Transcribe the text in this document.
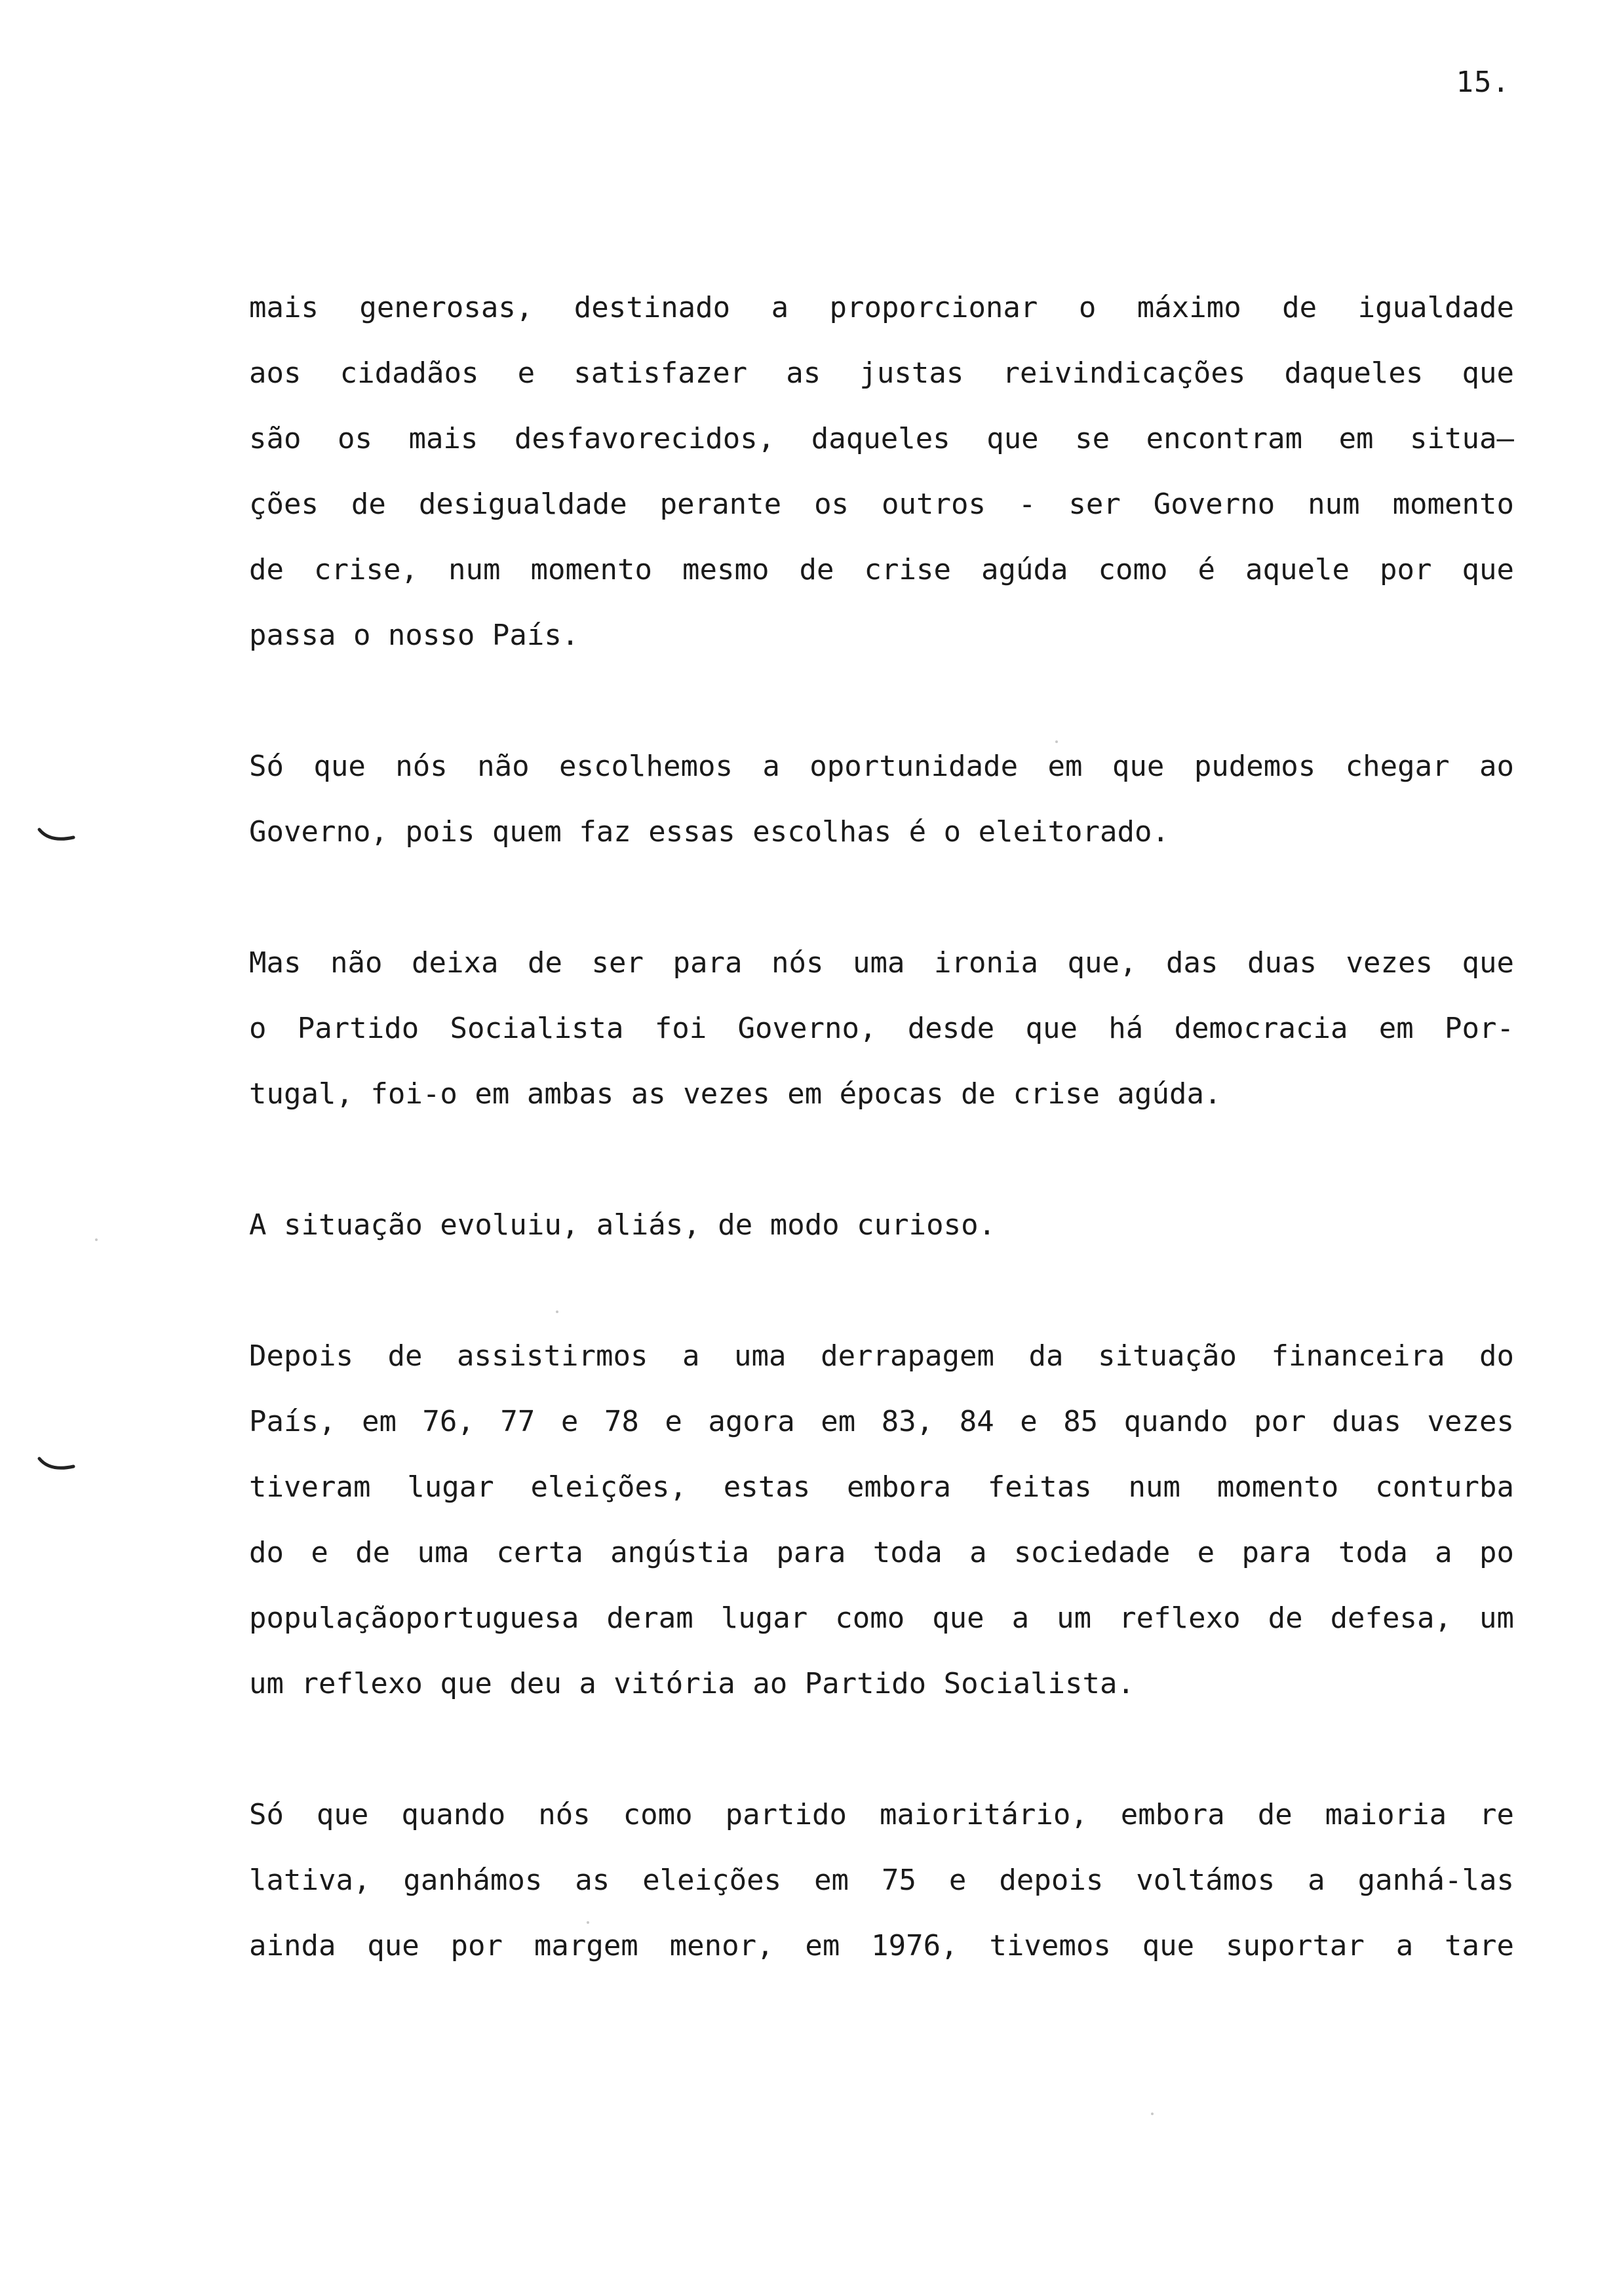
15.
mais generosas, destinado a proporcionar o máximo de igualdade
aos cidadãos e satisfazer as justas reivindicações daqueles que
são os mais desfavorecidos, daqueles que se encontram em situa—
ções de desigualdade perante os outros - ser Governo num momento
de crise, num momento mesmo de crise agúda como é aquele por que
passa o nosso País.
Só que nós não escolhemos a oportunidade em que pudemos chegar ao
Governo, pois quem faz essas escolhas é o eleitorado.
Mas não deixa de ser para nós uma ironia que, das duas vezes que
o Partido Socialista foi Governo, desde que há democracia em Por-
tugal, foi-o em ambas as vezes em épocas de crise agúda.
A situação evoluiu, aliás, de modo curioso.
Depois de assistirmos a uma derrapagem da situação financeira do
País, em 76, 77 e 78 e agora em 83, 84 e 85 quando por duas vezes
tiveram lugar eleições, estas embora feitas num momento conturba
do e de uma certa angústia para toda a sociedade e para toda a po
populaçãoportuguesa deram lugar como que a um reflexo de defesa, um
um reflexo que deu a vitória ao Partido Socialista.
Só que quando nós como partido maioritário, embora de maioria re
lativa, ganhámos as eleições em 75 e depois voltámos a ganhá-las
ainda que por margem menor, em 1976, tivemos que suportar a tare
